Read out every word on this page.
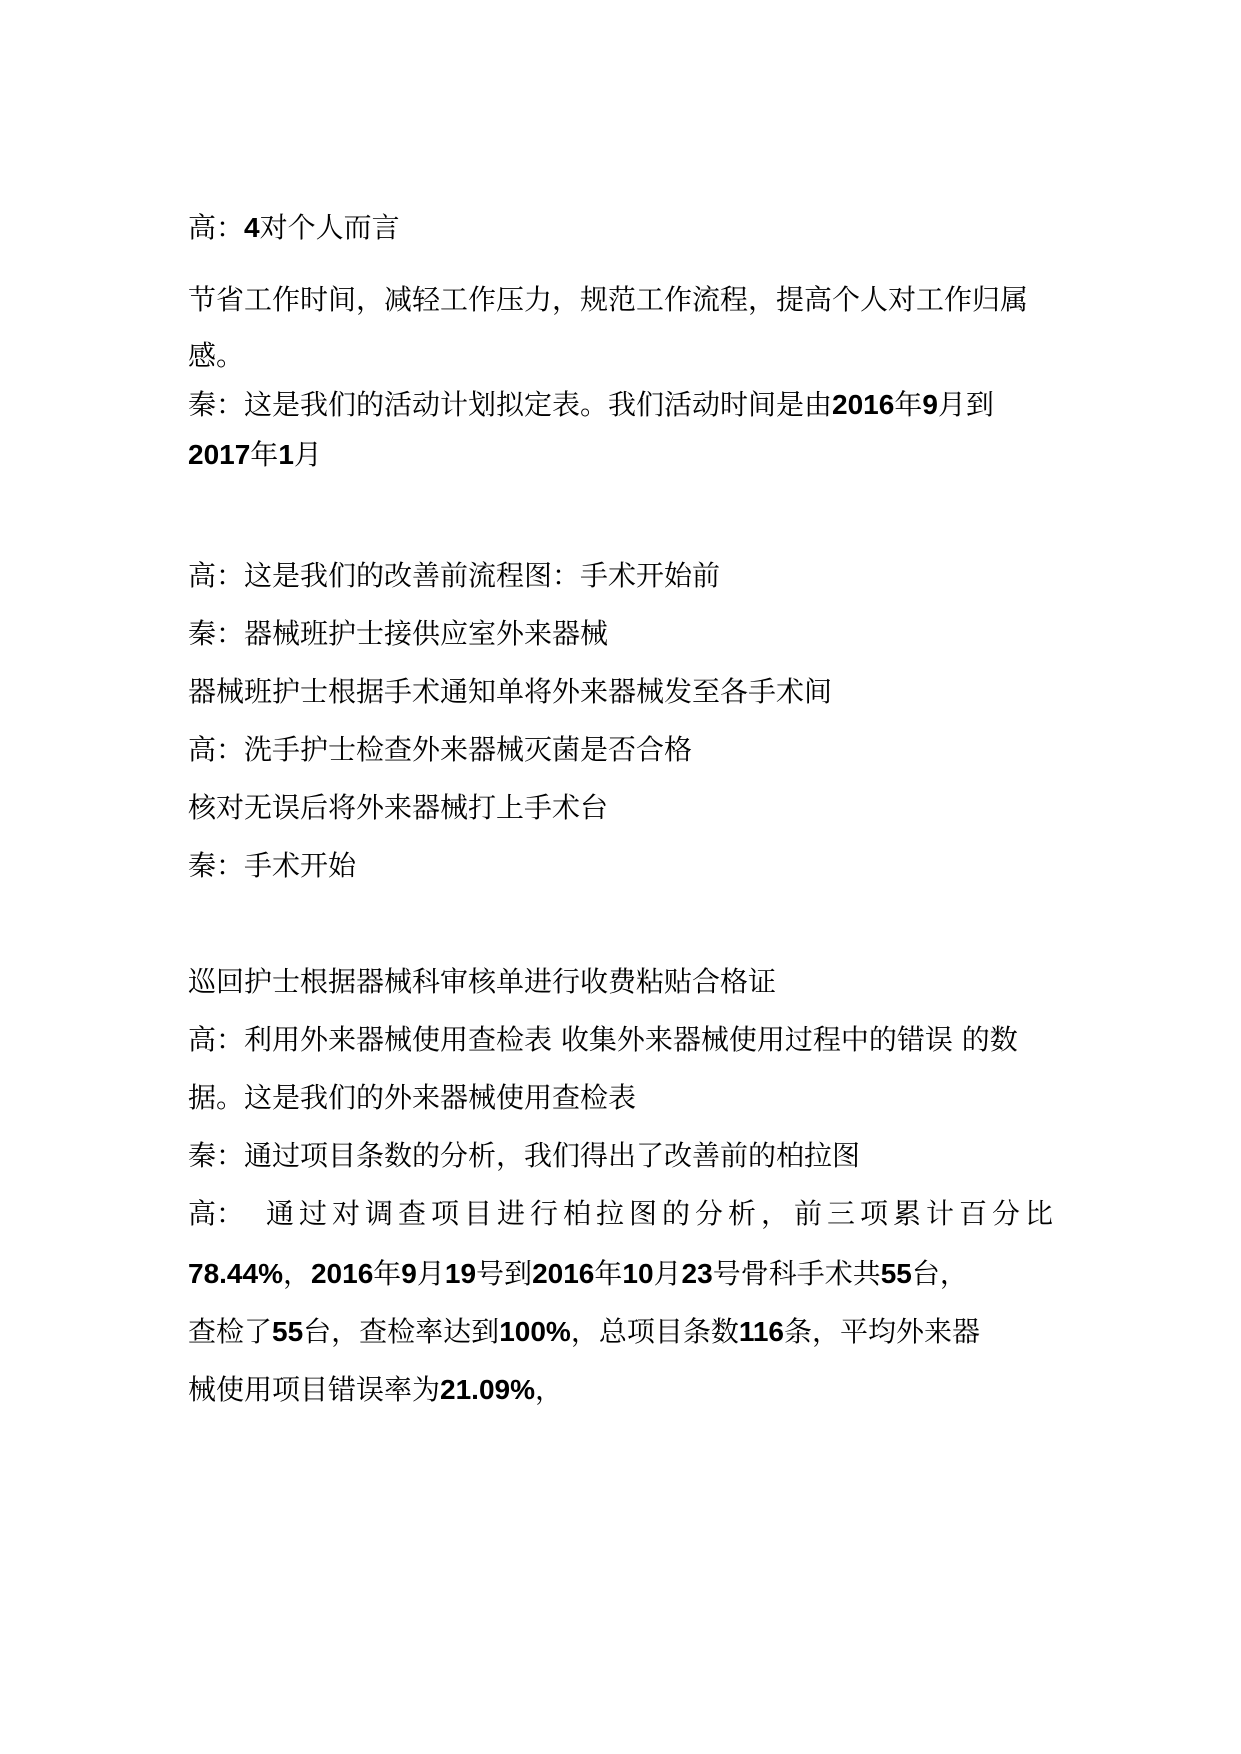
高：4对个人而言
节省工作时间，减轻工作压力，规范工作流程，提高个人对工作归属
感。
秦：这是我们的活动计划拟定表。我们活动时间是由2016年9月到
2017年1月
高：这是我们的改善前流程图：手术开始前
秦：器械班护士接供应室外来器械
器械班护士根据手术通知单将外来器械发至各手术间
高：洗手护士检查外来器械灭菌是否合格
核对无误后将外来器械打上手术台
秦：手术开始
巡回护士根据器械科审核单进行收费粘贴合格证
高：利用外来器械使用查检表 收集外来器械使用过程中的错误 的数
据。这是我们的外来器械使用查检表
秦：通过项目条数的分析，我们得出了改善前的柏拉图
高： 通过对调查项目进行柏拉图的分析，前三项累计百分比
78.44%，2016年9月19号到2016年10月23号骨科手术共55台，
查检了55台，查检率达到100%，总项目条数116条，平均外来器
械使用项目错误率为21.09%，
